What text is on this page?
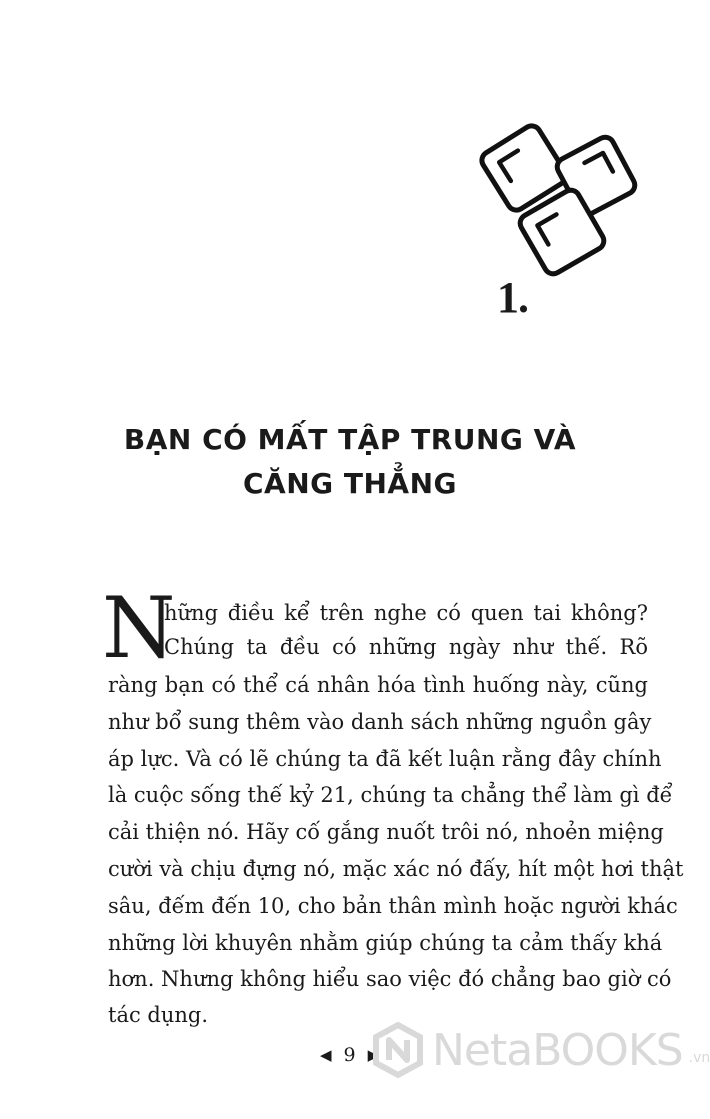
1.
BẠN CÓ MẤT TẬP TRUNG VÀ
CĂNG THẲNG
N
hững điều kể trên nghe có quen tai không?
Chúng ta đều có những ngày như thế. Rõ
ràng bạn có thể cá nhân hóa tình huống này, cũng
như bổ sung thêm vào danh sách những nguồn gây
áp lực. Và có lẽ chúng ta đã kết luận rằng đây chính
là cuộc sống thế kỷ 21, chúng ta chẳng thể làm gì để
cải thiện nó. Hãy cố gắng nuốt trôi nó, nhoẻn miệng
cười và chịu đựng nó, mặc xác nó đấy, hít một hơi thật
sâu, đếm đến 10, cho bản thân mình hoặc người khác
những lời khuyên nhằm giúp chúng ta cảm thấy khá
hơn. Nhưng không hiểu sao việc đó chẳng bao giờ có
tác dụng.
◀ 9 ▶ NetaBOOKS .vn
